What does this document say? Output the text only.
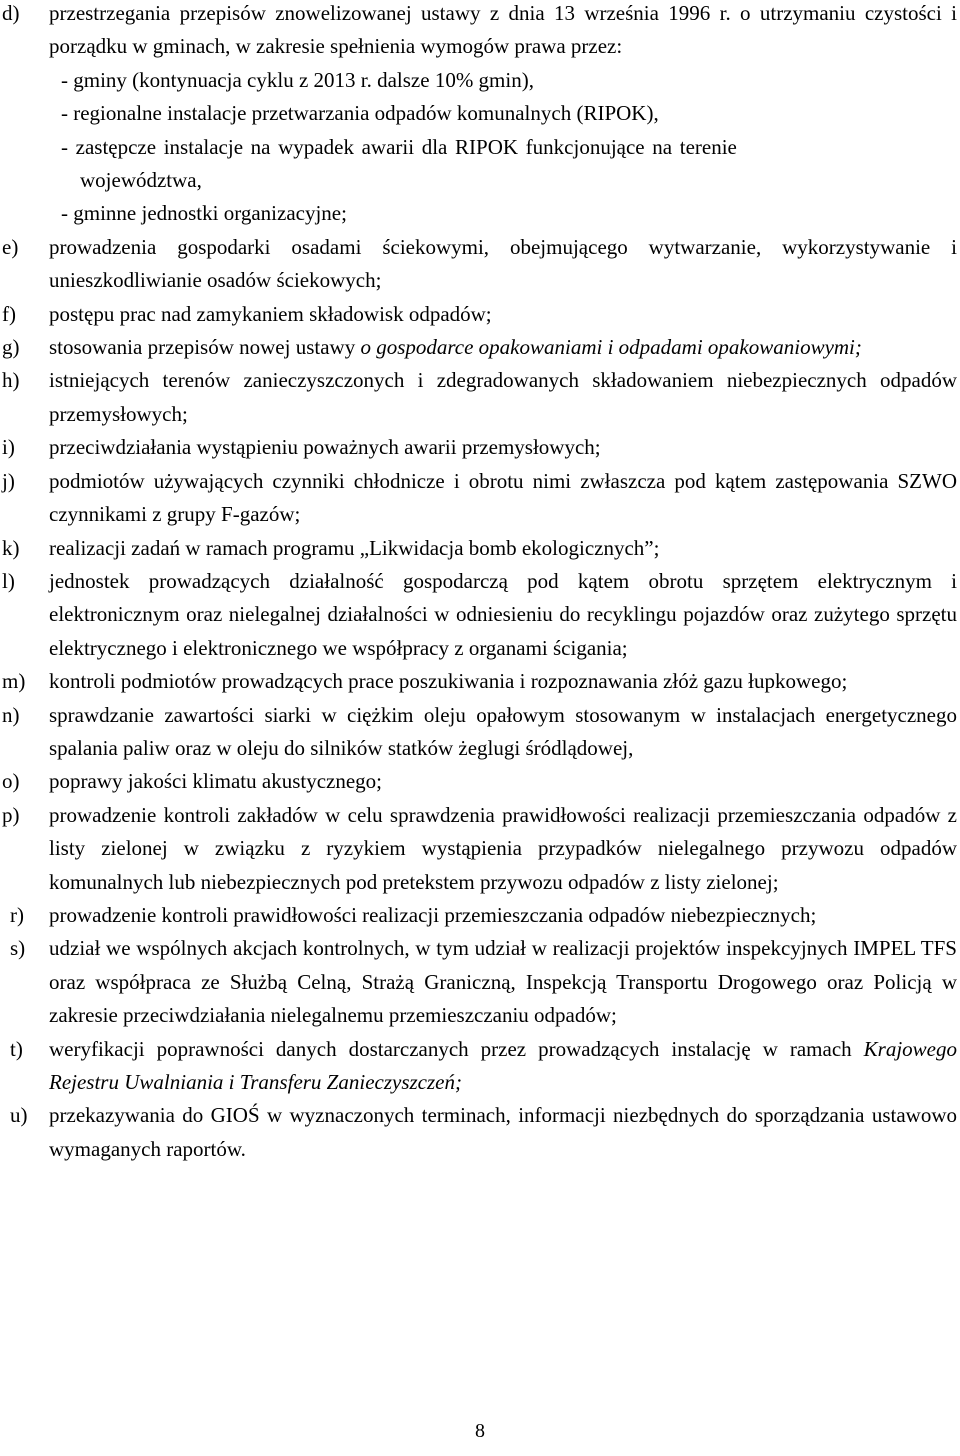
d) przestrzegania przepisów znowelizowanej ustawy z dnia 13 września 1996 r. o utrzymaniu czystości i porządku w gminach, w zakresie spełnienia wymogów prawa przez:
- gminy (kontynuacja cyklu z 2013 r. dalsze 10% gmin),
- regionalne instalacje przetwarzania odpadów komunalnych (RIPOK),
- zastępcze instalacje na wypadek awarii dla RIPOK funkcjonujące na terenie
województwa,
- gminne jednostki organizacyjne;
e) prowadzenia gospodarki osadami ściekowymi, obejmującego wytwarzanie, wykorzystywanie i unieszkodliwianie osadów ściekowych;
f) postępu prac nad zamykaniem składowisk odpadów;
g) stosowania przepisów nowej ustawy o gospodarce opakowaniami i odpadami opakowaniowymi;
h) istniejących terenów zanieczyszczonych i zdegradowanych składowaniem niebezpiecznych odpadów przemysłowych;
i) przeciwdziałania wystąpieniu poważnych awarii przemysłowych;
j) podmiotów używających czynniki chłodnicze i obrotu nimi zwłaszcza pod kątem zastępowania SZWO czynnikami z grupy F-gazów;
k) realizacji zadań w ramach programu „Likwidacja bomb ekologicznych”;
l) jednostek prowadzących działalność gospodarczą pod kątem obrotu sprzętem elektrycznym i elektronicznym oraz nielegalnej działalności w odniesieniu do recyklingu pojazdów oraz zużytego sprzętu elektrycznego i elektronicznego we współpracy z organami ścigania;
m) kontroli podmiotów prowadzących prace poszukiwania i rozpoznawania złóż gazu łupkowego;
n) sprawdzanie zawartości siarki w ciężkim oleju opałowym stosowanym w instalacjach energetycznego spalania paliw oraz w oleju do silników statków żeglugi śródlądowej,
o) poprawy jakości klimatu akustycznego;
p) prowadzenie kontroli zakładów w celu sprawdzenia prawidłowości realizacji przemieszczania odpadów z listy zielonej w związku z ryzykiem wystąpienia przypadków nielegalnego przywozu odpadów komunalnych lub niebezpiecznych pod pretekstem przywozu odpadów z listy zielonej;
r) prowadzenie kontroli prawidłowości realizacji przemieszczania odpadów niebezpiecznych;
s) udział we wspólnych akcjach kontrolnych, w tym udział w realizacji projektów inspekcyjnych IMPEL TFS oraz współpraca ze Służbą Celną, Strażą Graniczną, Inspekcją Transportu Drogowego oraz Policją w zakresie przeciwdziałania nielegalnemu przemieszczaniu odpadów;
t) weryfikacji poprawności danych dostarczanych przez prowadzących instalację w ramach Krajowego Rejestru Uwalniania i Transferu Zanieczyszczeń;
u) przekazywania do GIOŚ w wyznaczonych terminach, informacji niezbędnych do sporządzania ustawowo wymaganych raportów.
8
